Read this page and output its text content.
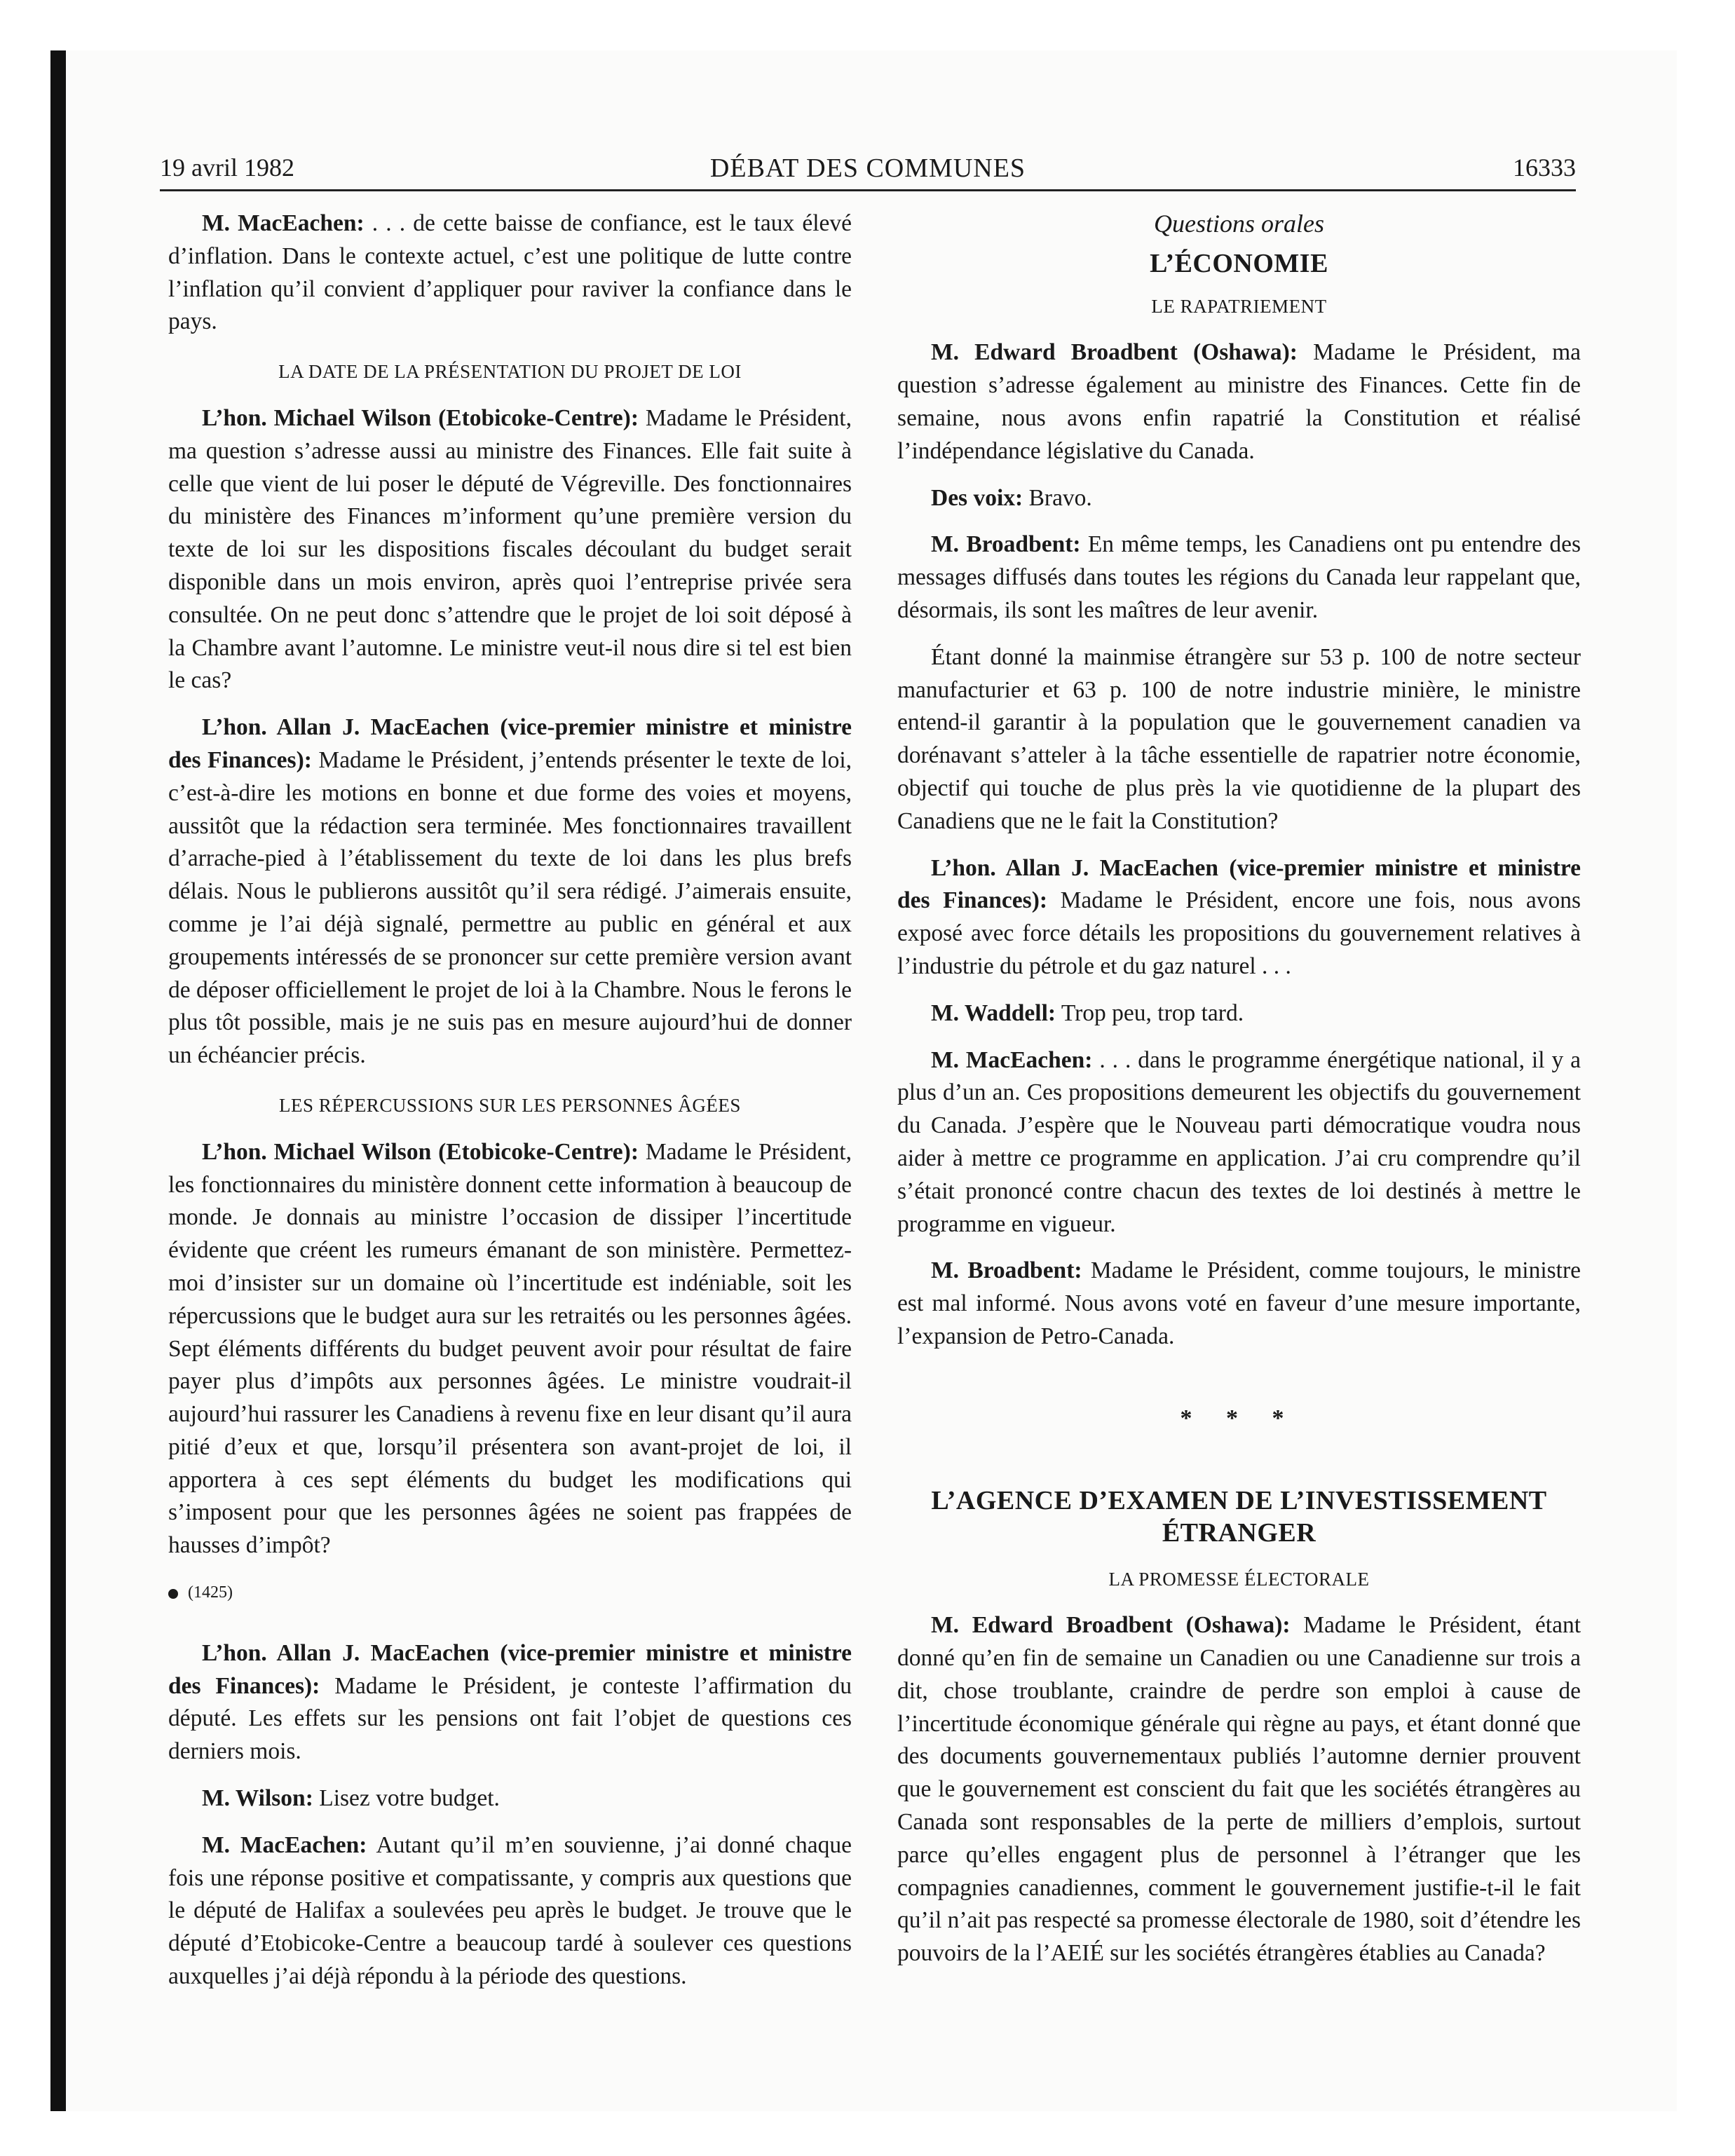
19 avril 1982	DÉBAT DES COMMUNES	16333

M. MacEachen: . . . de cette baisse de confiance, est le taux élevé d’inflation. Dans le contexte actuel, c’est une politique de lutte contre l’inflation qu’il convient d’appliquer pour raviver la confiance dans le pays.

LA DATE DE LA PRÉSENTATION DU PROJET DE LOI

L’hon. Michael Wilson (Etobicoke-Centre): Madame le Président, ma question s’adresse aussi au ministre des Finances. Elle fait suite à celle que vient de lui poser le député de Végreville. Des fonctionnaires du ministère des Finances m’informent qu’une première version du texte de loi sur les dispositions fiscales découlant du budget serait disponible dans un mois environ, après quoi l’entreprise privée sera consultée. On ne peut donc s’attendre que le projet de loi soit déposé à la Chambre avant l’automne. Le ministre veut-il nous dire si tel est bien le cas?

L’hon. Allan J. MacEachen (vice-premier ministre et ministre des Finances): Madame le Président, j’entends présenter le texte de loi, c’est-à-dire les motions en bonne et due forme des voies et moyens, aussitôt que la rédaction sera terminée. Mes fonctionnaires travaillent d’arrache-pied à l’établissement du texte de loi dans les plus brefs délais. Nous le publierons aussitôt qu’il sera rédigé. J’aimerais ensuite, comme je l’ai déjà signalé, permettre au public en général et aux groupements intéressés de se prononcer sur cette première version avant de déposer officiellement le projet de loi à la Chambre. Nous le ferons le plus tôt possible, mais je ne suis pas en mesure aujourd’hui de donner un échéancier précis.

LES RÉPERCUSSIONS SUR LES PERSONNES ÂGÉES

L’hon. Michael Wilson (Etobicoke-Centre): Madame le Président, les fonctionnaires du ministère donnent cette information à beaucoup de monde. Je donnais au ministre l’occasion de dissiper l’incertitude évidente que créent les rumeurs émanant de son ministère. Permettez-moi d’insister sur un domaine où l’incertitude est indéniable, soit les répercussions que le budget aura sur les retraités ou les personnes âgées. Sept éléments différents du budget peuvent avoir pour résultat de faire payer plus d’impôts aux personnes âgées. Le ministre voudrait-il aujourd’hui rassurer les Canadiens à revenu fixe en leur disant qu’il aura pitié d’eux et que, lorsqu’il présentera son avant-projet de loi, il apportera à ces sept éléments du budget les modifications qui s’imposent pour que les personnes âgées ne soient pas frappées de hausses d’impôt?

(1425)

L’hon. Allan J. MacEachen (vice-premier ministre et ministre des Finances): Madame le Président, je conteste l’affirmation du député. Les effets sur les pensions ont fait l’objet de questions ces derniers mois.

M. Wilson: Lisez votre budget.

M. MacEachen: Autant qu’il m’en souvienne, j’ai donné chaque fois une réponse positive et compatissante, y compris aux questions que le député de Halifax a soulevées peu après le budget. Je trouve que le député d’Etobicoke-Centre a beaucoup tardé à soulever ces questions auxquelles j’ai déjà répondu à la période des questions.

Questions orales

L’ÉCONOMIE

LE RAPATRIEMENT

M. Edward Broadbent (Oshawa): Madame le Président, ma question s’adresse également au ministre des Finances. Cette fin de semaine, nous avons enfin rapatrié la Constitution et réalisé l’indépendance législative du Canada.

Des voix: Bravo.

M. Broadbent: En même temps, les Canadiens ont pu entendre des messages diffusés dans toutes les régions du Canada leur rappelant que, désormais, ils sont les maîtres de leur avenir.

Étant donné la mainmise étrangère sur 53 p. 100 de notre secteur manufacturier et 63 p. 100 de notre industrie minière, le ministre entend-il garantir à la population que le gouvernement canadien va dorénavant s’atteler à la tâche essentielle de rapatrier notre économie, objectif qui touche de plus près la vie quotidienne de la plupart des Canadiens que ne le fait la Constitution?

L’hon. Allan J. MacEachen (vice-premier ministre et ministre des Finances): Madame le Président, encore une fois, nous avons exposé avec force détails les propositions du gouvernement relatives à l’industrie du pétrole et du gaz naturel . . .

M. Waddell: Trop peu, trop tard.

M. MacEachen: . . . dans le programme énergétique national, il y a plus d’un an. Ces propositions demeurent les objectifs du gouvernement du Canada. J’espère que le Nouveau parti démocratique voudra nous aider à mettre ce programme en application. J’ai cru comprendre qu’il s’était prononcé contre chacun des textes de loi destinés à mettre le programme en vigueur.

M. Broadbent: Madame le Président, comme toujours, le ministre est mal informé. Nous avons voté en faveur d’une mesure importante, l’expansion de Petro-Canada.

* * *

L’AGENCE D’EXAMEN DE L’INVESTISSEMENT
ÉTRANGER

LA PROMESSE ÉLECTORALE

M. Edward Broadbent (Oshawa): Madame le Président, étant donné qu’en fin de semaine un Canadien ou une Canadienne sur trois a dit, chose troublante, craindre de perdre son emploi à cause de l’incertitude économique générale qui règne au pays, et étant donné que des documents gouvernementaux publiés l’automne dernier prouvent que le gouvernement est conscient du fait que les sociétés étrangères au Canada sont responsables de la perte de milliers d’emplois, surtout parce qu’elles engagent plus de personnel à l’étranger que les compagnies canadiennes, comment le gouvernement justifie-t-il le fait qu’il n’ait pas respecté sa promesse électorale de 1980, soit d’étendre les pouvoirs de la l’AEIÉ sur les sociétés étrangères établies au Canada?
